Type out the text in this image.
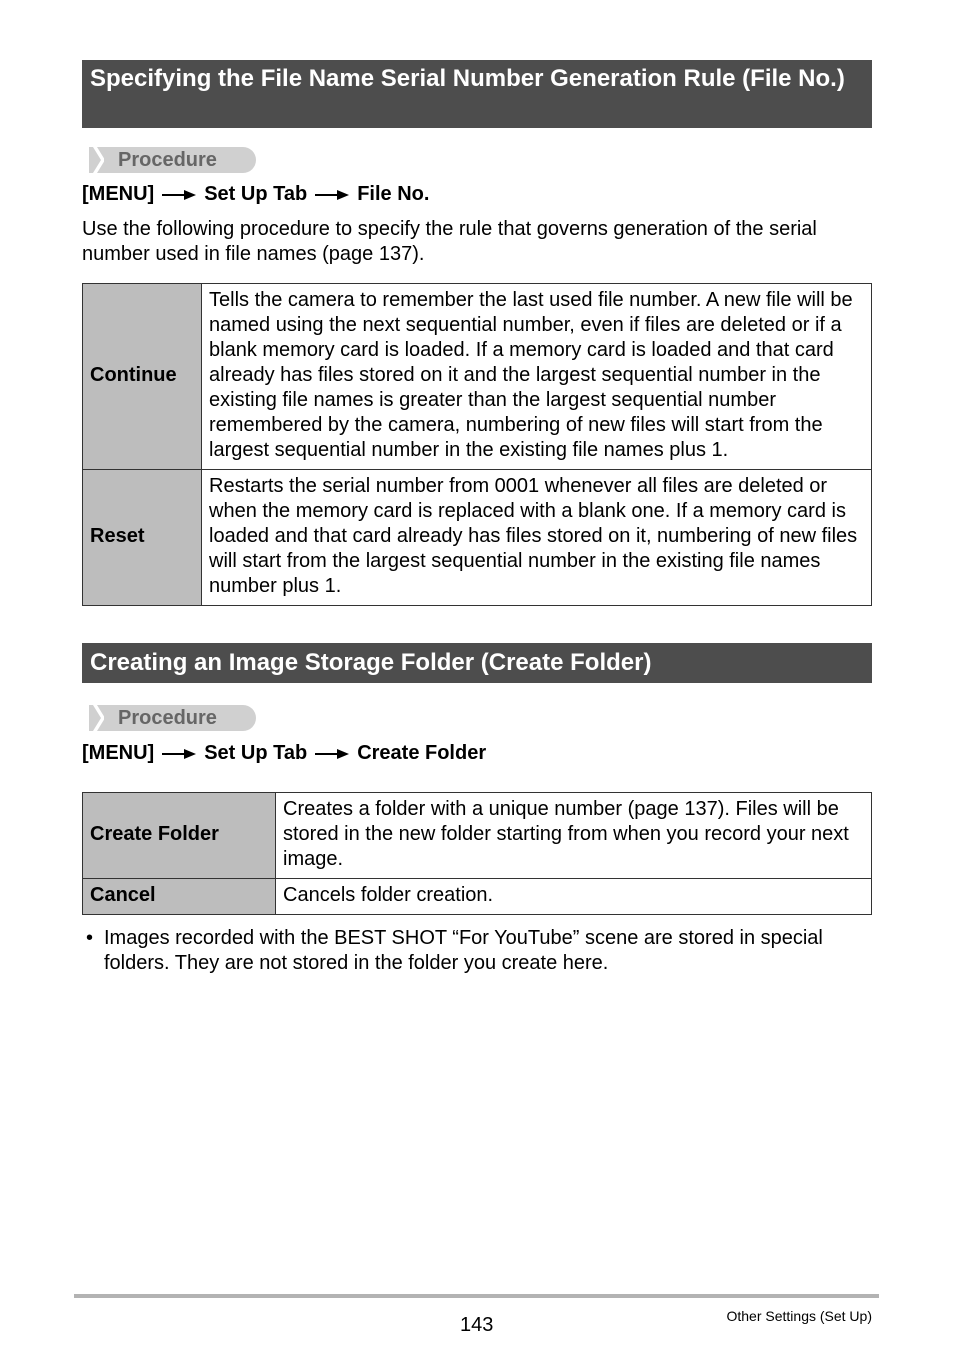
Specifying the File Name Serial Number Generation Rule (File No.)
Procedure
[MENU]	Set Up Tab	File No.
Use the following procedure to specify the rule that governs generation of the serial number used in file names (page 137).
Continue	Tells the camera to remember the last used file number. A new file will be named using the next sequential number, even if files are deleted or if a blank memory card is loaded. If a memory card is loaded and that card already has files stored on it and the largest sequential number in the existing file names is greater than the largest sequential number remembered by the camera, numbering of new files will start from the largest sequential number in the existing file names plus 1.
Reset	Restarts the serial number from 0001 whenever all files are deleted or when the memory card is replaced with a blank one. If a memory card is loaded and that card already has files stored on it, numbering of new files will start from the largest sequential number in the existing file names number plus 1.
Creating an Image Storage Folder (Create Folder)
Procedure
[MENU]	Set Up Tab	Create Folder
Create Folder	Creates a folder with a unique number (page 137). Files will be stored in the new folder starting from when you record your next image.
Cancel	Cancels folder creation.
• Images recorded with the BEST SHOT “For YouTube” scene are stored in special folders. They are not stored in the folder you create here.
143	Other Settings (Set Up)
